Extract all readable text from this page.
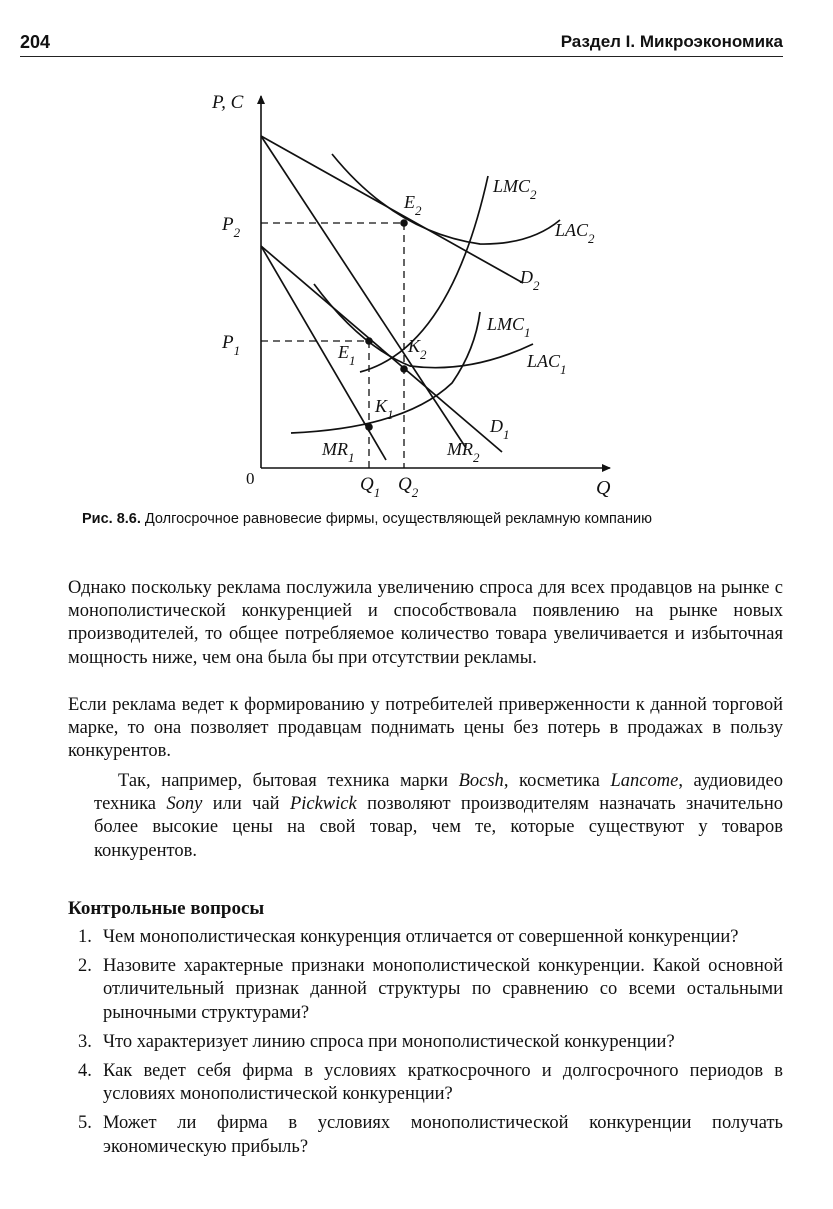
204	Раздел I. Микроэкономика
P, C
Q
0
$P_2$
$P_1$
$Q_1$ $Q_2$
$LMC_2$
$LAC_2$
$D_2$
$E_2$
$LMC_1$
$LAC_1$
$E_1$
$K_2$
$K_1$
$D_1$
$MR_1$	$MR_2$
Рис. 8.6. Долгосрочное равновесие фирмы, осуществляющей рекламную компанию
Однако поскольку реклама послужила увеличению спроса для всех продавцов на рынке с монополистической конкуренцией и способствовала появлению на рынке новых производителей, то общее потребляемое количество товара увеличивается и избыточная мощность ниже, чем она была бы при отсутствии рекламы.
Если реклама ведет к формированию у потребителей приверженности к данной торговой марке, то она позволяет продавцам поднимать цены без потерь в продажах в пользу конкурентов.
Так, например, бытовая техника марки Bocsh, косметика Lancome, аудиовидео техника Sony или чай Pickwick позволяют производителям назначать значительно более высокие цены на свой товар, чем те, которые существуют у товаров конкурентов.
Контрольные вопросы
1. Чем монополистическая конкуренция отличается от совершенной конкуренции?
2. Назовите характерные признаки монополистической конкуренции. Какой основной отличительный признак данной структуры по сравнению со всеми остальными рыночными структурами?
3. Что характеризует линию спроса при монополистической конкуренции?
4. Как ведет себя фирма в условиях краткосрочного и долгосрочного периодов в условиях монополистической конкуренции?
5. Может ли фирма в условиях монополистической конкуренции получать экономическую прибыль?
